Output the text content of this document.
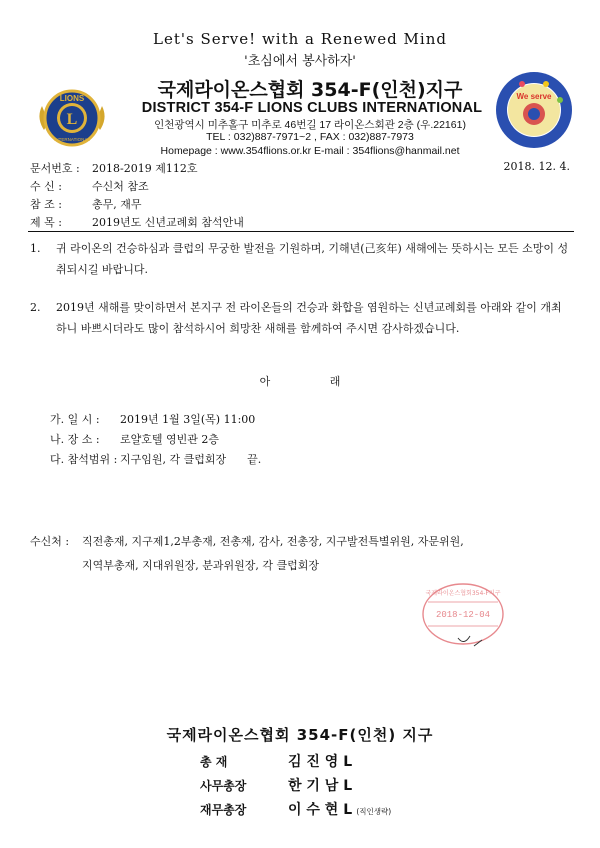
Let's Serve! with a Renewed Mind
'초심에서 봉사하자'
L
LIONS
INTERNATIONAL
We serve
국제라이온스협회 354-F(인천)지구
DISTRICT 354-F LIONS CLUBS INTERNATIONAL
인천광역시 미추홀구 미추로 46번길 17 라이온스회관 2층 (우.22161)
TEL : 032)887-7971~2 , FAX : 032)887-7973
Homepage : www.354flions.or.kr E-mail : 354flions@hanmail.net
문서번호 : 2018-2019 제112호
수 신 :	수신처 참조
참 조 :	총무, 재무
제 목 :	2019년도 신년교례회 참석안내
2018. 12. 4.
1. 귀 라이온의 건승하심과 클럽의 무궁한 발전을 기원하며, 기해년(己亥年) 새해에는 뜻하시는 모든 소망이 성취되시길 바랍니다.
2. 2019년 새해를 맞이하면서 본지구 전 라이온들의 건승과 화합을 염원하는 신년교례회를 아래와 같이 개최하니 바쁘시더라도 많이 참석하시어 희망찬 새해를 함께하여 주시면 감사하겠습니다.
아 래
가. 일 시 : 2019년 1월 3일(목) 11:00
나. 장 소 : 로얄호텔 영빈관 2층
다. 참석범위 : 지구임원, 각 클럽회장      끝.
수신처 : 직전총재, 지구제1,2부총재, 전총재, 감사, 전총장, 지구발전특별위원, 자문위원,
지역부총재, 지대위원장, 분과위원장, 각 클럽회장
국제라이온스협회354-F지구
2018-12-04
국제라이온스협회 354-F(인천) 지구
총 재	김 진 영 L
사무총장	한 기 남 L
재무총장	이 수 현 L (직인생략)
